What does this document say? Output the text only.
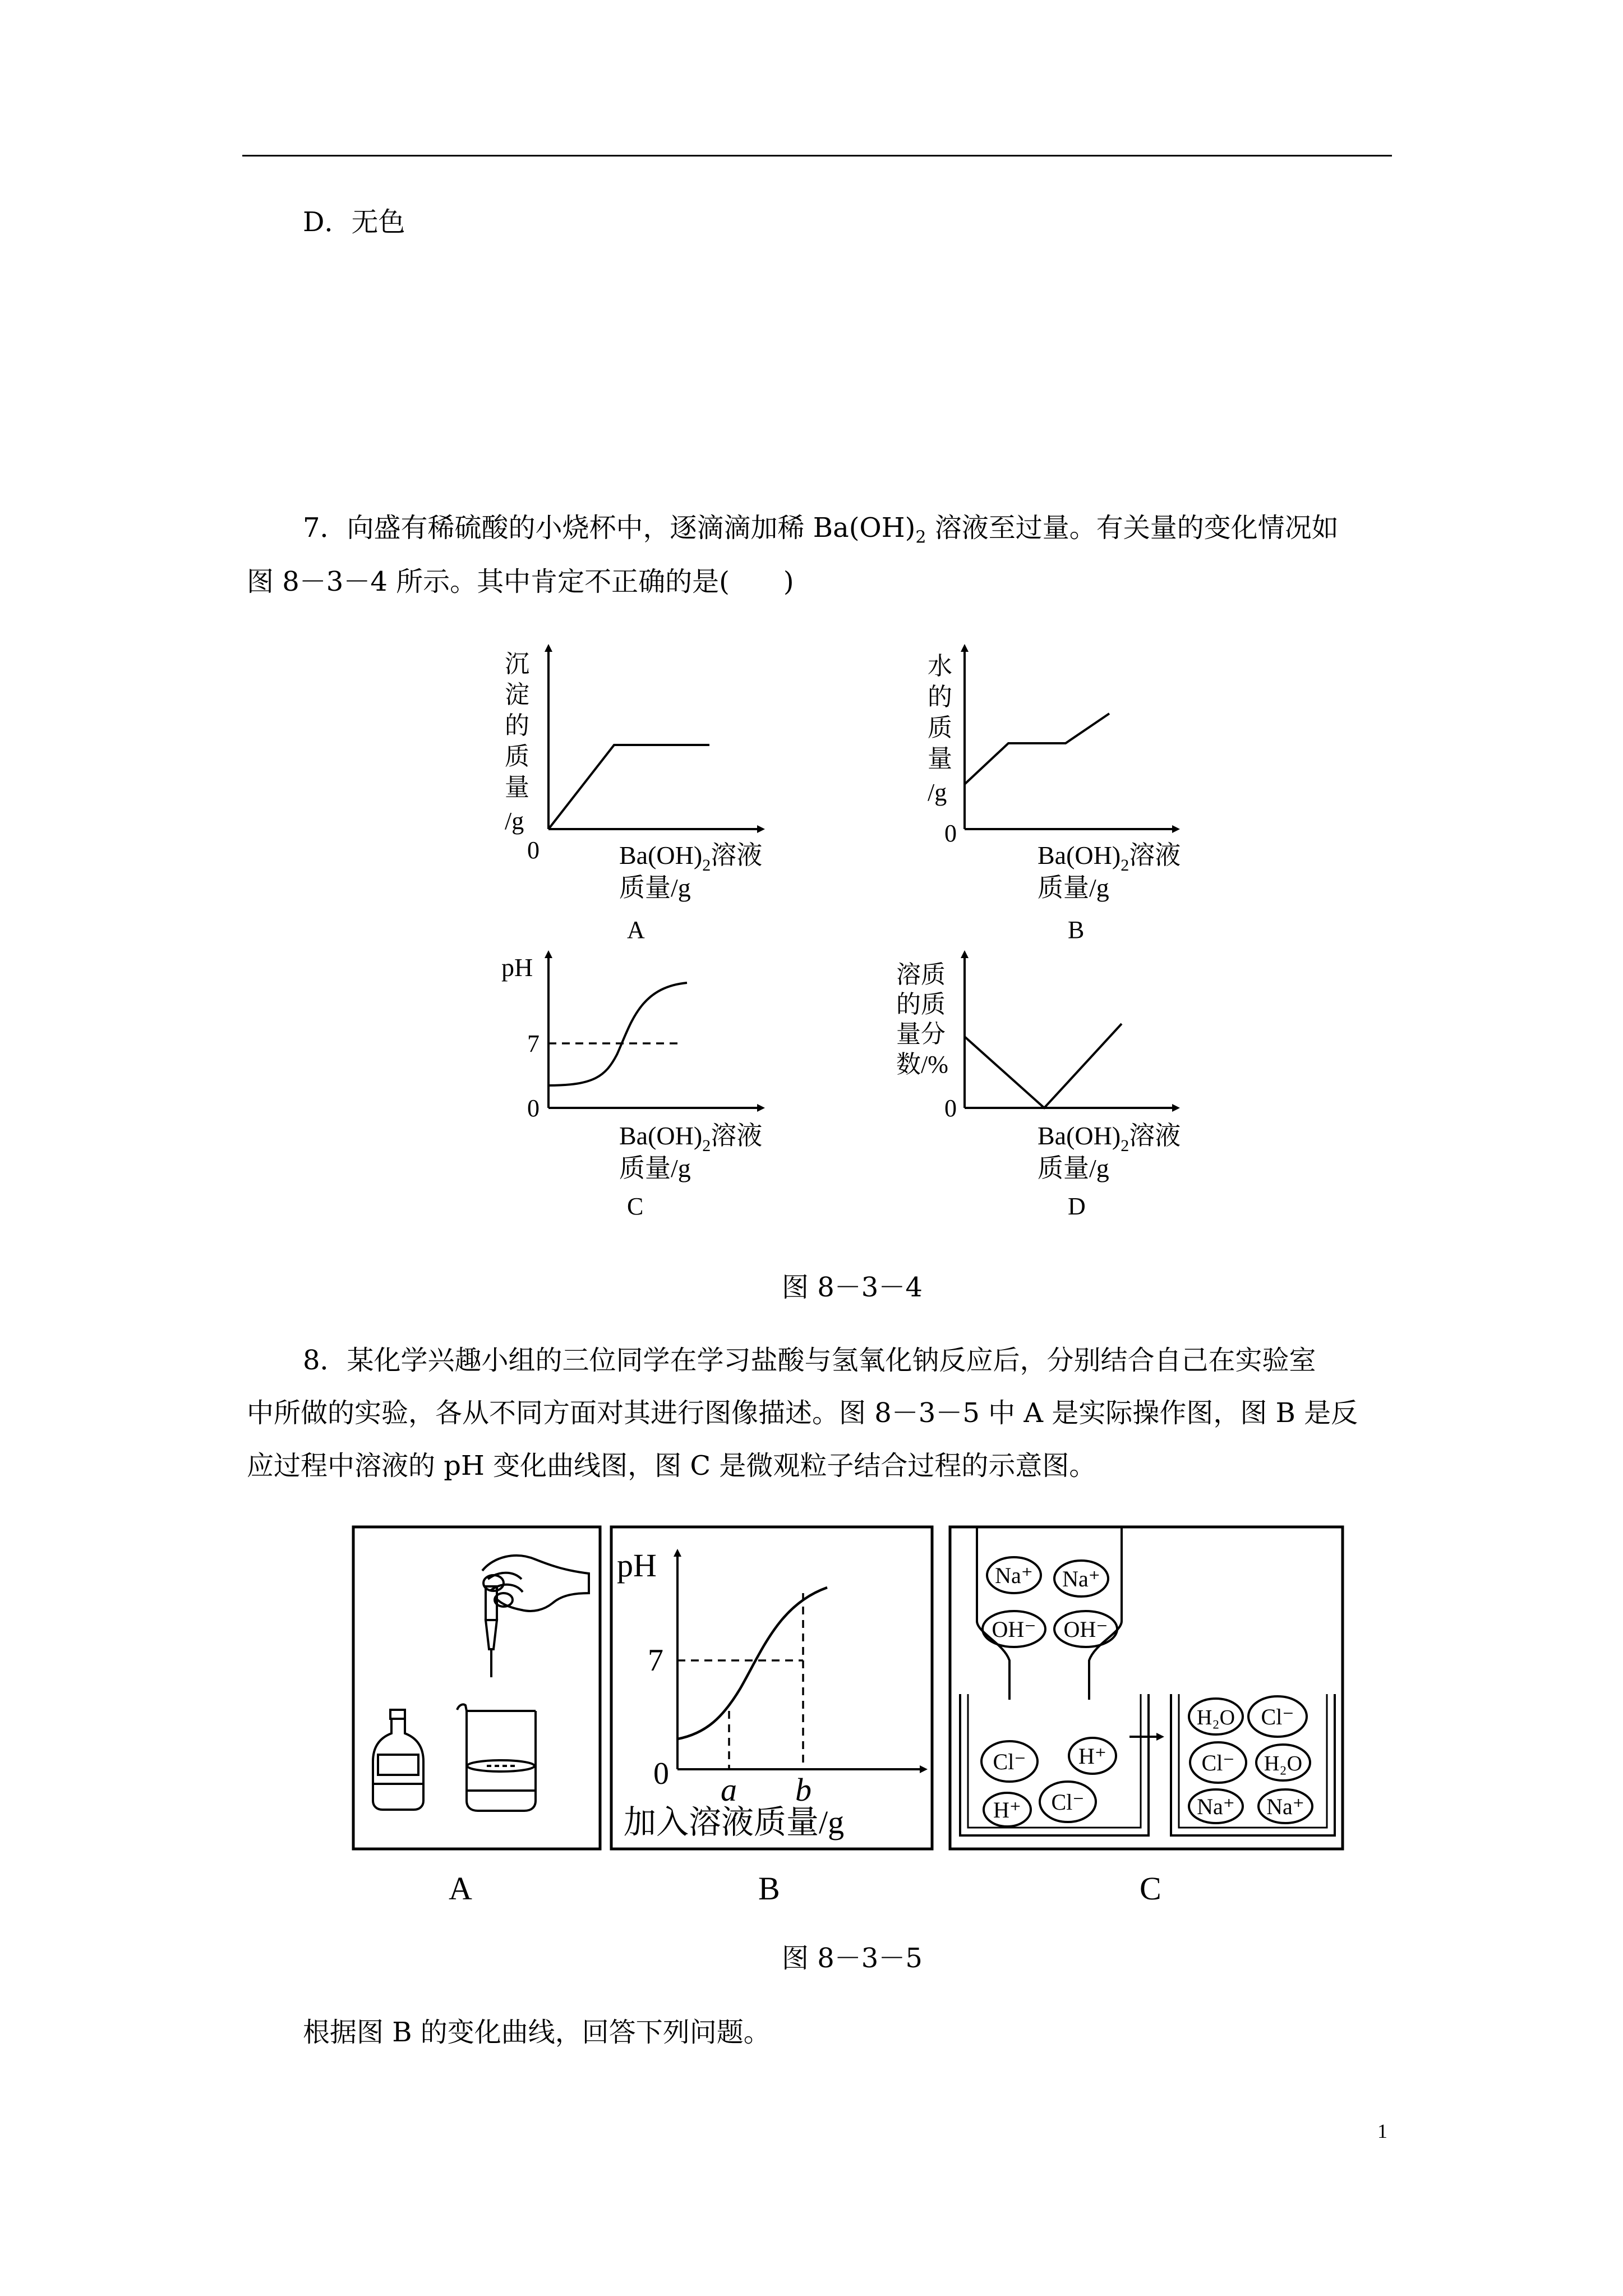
D．无色
7．向盛有稀硫酸的小烧杯中，逐滴滴加稀 $Ba(OH)_2$ 溶液至过量。有关量的变化情况如
图 8－3－4 所示。其中肯定不正确的是(　　)
沉
淀
的
质
量
/g
0	$Ba(OH)_2$溶液
质量/g
A
水
的
质
量
/g
0
$Ba(OH)_2$溶液
质量/g
B
pH
7
0
$Ba(OH)_2$溶液
质量/g
C
溶质
的质
量分
数/%
0
$Ba(OH)_2$溶液
质量/g
D
图 8－3－4
8．某化学兴趣小组的三位同学在学习盐酸与氢氧化钠反应后，分别结合自己在实验室
中所做的实验，各从不同方面对其进行图像描述。图 8－3－5 中 A 是实际操作图，图 B 是反
应过程中溶液的 pH 变化曲线图，图 C 是微观粒子结合过程的示意图。
pH
7
0 a b
加入溶液质量/g
Na⁺ Na⁺
OH⁻ OH⁻
Cl⁻ H⁺
H⁺ Cl⁻
H₂O Cl⁻
Cl⁻ H₂O
Na⁺ Na⁺
A	B	C
图 8－3－5
根据图 B 的变化曲线，回答下列问题。
1
